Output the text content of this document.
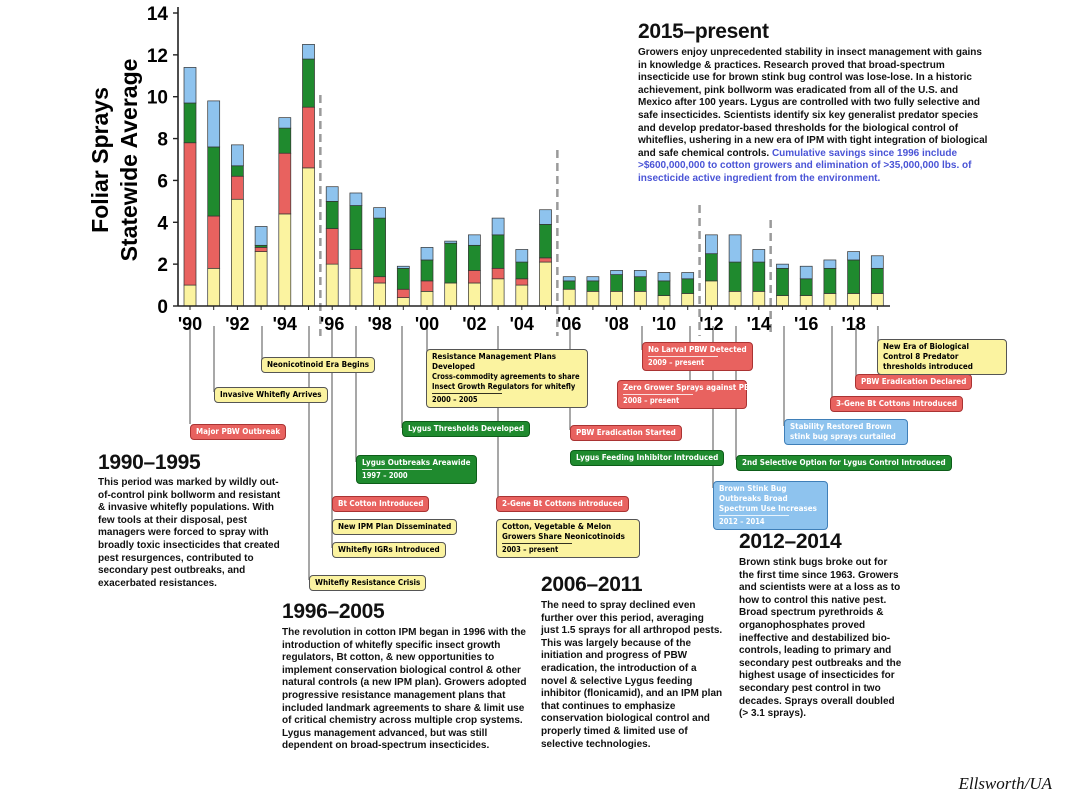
0
2
4
6
8
10
12
14
'90 '92 '94 '96 '98 '00 '02 '04 '06 '08 '10 '12 '14 '16 '18
Foliar Sprays Statewide Average
Major PBW Outbreak
Invasive Whitefly Arrives
Neonicotinoid Era Begins
Whitefly Resistance Crisis
Whitefly IGRs Introduced
New IPM Plan Disseminated
Bt Cotton Introduced
Lygus Outbreaks Areawide
1997 – 2000
Lygus Thresholds Developed
Resistance Management Plans Developed
Cross-commodity agreements to share Insect Growth Regulators for whitefly
2000 – 2005
2-Gene Bt Cottons introduced
Cotton, Vegetable & Melon Growers Share Neonicotinoids
2003 – present
PBW Eradication Started
Lygus Feeding Inhibitor Introduced
No Larval PBW Detected
2009 – present
Zero Grower Sprays against PBW
2008 – present
Brown Stink Bug Outbreaks Broad Spectrum Use Increases
2012 – 2014
2nd Selective Option for Lygus Control Introduced
Stability Restored Brown stink bug sprays curtailed
3-Gene Bt Cottons Introduced
PBW Eradication Declared
New Era of Biological Control 8 Predator thresholds introduced
1990–1995
This period was marked by wildly out-of-control pink bollworm and resistant & invasive whitefly populations. With few tools at their disposal, pest managers were forced to spray with broadly toxic insecticides that created pest resurgences, contributed to secondary pest outbreaks, and exacerbated resistances.
1996–2005
The revolution in cotton IPM began in 1996 with the introduction of whitefly specific insect growth regulators, Bt cotton, & new opportunities to implement conservation biological control & other natural controls (a new IPM plan). Growers adopted progressive resistance management plans that included landmark agreements to share & limit use of critical chemistry across multiple crop systems. Lygus management advanced, but was still dependent on broad-spectrum insecticides.
2006–2011
The need to spray declined even further over this period, averaging just 1.5 sprays for all arthropod pests. This was largely because of the initiation and progress of PBW eradication, the introduction of a novel & selective Lygus feeding inhibitor (flonicamid), and an IPM plan that continues to emphasize conservation biological control and properly timed & limited use of selective technologies.
2012–2014
Brown stink bugs broke out for the first time since 1963. Growers and scientists were at a loss as to how to control this native pest. Broad spectrum pyrethroids & organophosphates proved ineffective and destabilized bio-controls, leading to primary and secondary pest outbreaks and the highest usage of insecticides for secondary pest control in two decades. Sprays overall doubled (> 3.1 sprays).
2015–present
Growers enjoy unprecedented stability in insect management with gains in knowledge & practices. Research proved that broad-spectrum insecticide use for brown stink bug control was lose-lose. In a historic achievement, pink bollworm was eradicated from all of the U.S. and Mexico after 100 years. Lygus are controlled with two fully selective and safe insecticides. Scientists identify six key generalist predator species and develop predator-based thresholds for the biological control of whiteflies, ushering in a new era of IPM with tight integration of biological and safe chemical controls. Cumulative savings since 1996 include >$600,000,000 to cotton growers and elimination of >35,000,000 lbs. of insecticide active ingredient from the environment.
Ellsworth/UA
